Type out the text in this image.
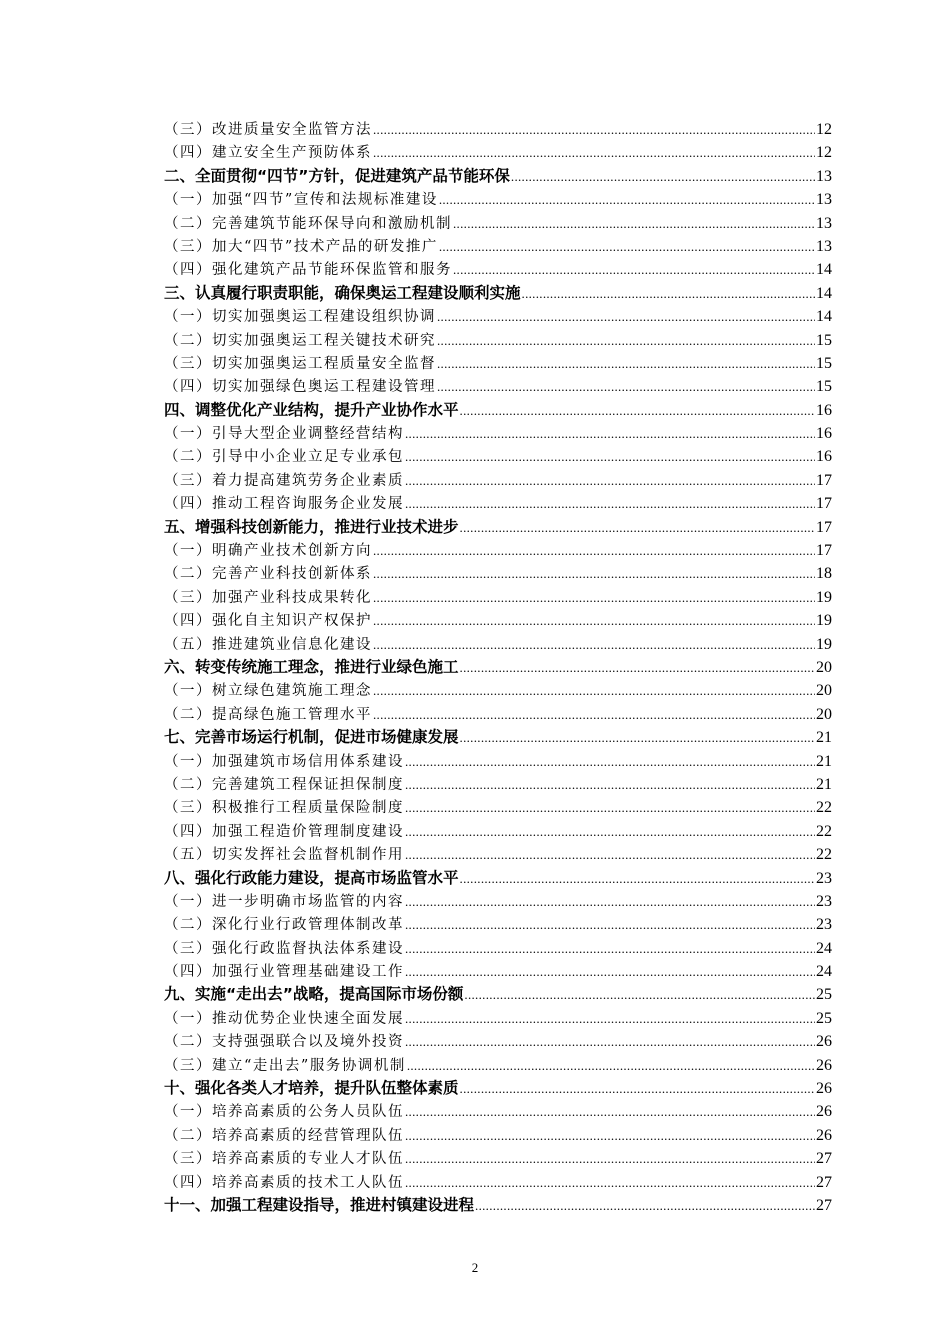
（三）改进质量安全监管方法 .....	12
（四）建立安全生产预防体系 .....	12
二、全面贯彻“四节”方针，促进建筑产品节能环保 .....	13
（一）加强“四节”宣传和法规标准建设 .....	13
（二）完善建筑节能环保导向和激励机制 .....	13
（三）加大“四节”技术产品的研发推广 .....	13
（四）强化建筑产品节能环保监管和服务 .....	14
三、认真履行职责职能，确保奥运工程建设顺利实施 .....	14
（一）切实加强奥运工程建设组织协调 .....	14
（二）切实加强奥运工程关键技术研究 .....	15
（三）切实加强奥运工程质量安全监督 .....	15
（四）切实加强绿色奥运工程建设管理 .....	15
四、调整优化产业结构，提升产业协作水平 .....	16
（一）引导大型企业调整经营结构 .....	16
（二）引导中小企业立足专业承包 .....	16
（三）着力提高建筑劳务企业素质 .....	17
（四）推动工程咨询服务企业发展 .....	17
五、增强科技创新能力，推进行业技术进步 .....	17
（一）明确产业技术创新方向 .....	17
（二）完善产业科技创新体系 .....	18
（三）加强产业科技成果转化 .....	19
（四）强化自主知识产权保护 .....	19
（五）推进建筑业信息化建设 .....	19
六、转变传统施工理念，推进行业绿色施工 .....	20
（一）树立绿色建筑施工理念 .....	20
（二）提高绿色施工管理水平 .....	20
七、完善市场运行机制，促进市场健康发展 .....	21
（一）加强建筑市场信用体系建设 .....	21
（二）完善建筑工程保证担保制度 .....	21
（三）积极推行工程质量保险制度 .....	22
（四）加强工程造价管理制度建设 .....	22
（五）切实发挥社会监督机制作用 .....	22
八、强化行政能力建设，提高市场监管水平 .....	23
（一）进一步明确市场监管的内容 .....	23
（二）深化行业行政管理体制改革 .....	23
（三）强化行政监督执法体系建设 .....	24
（四）加强行业管理基础建设工作 .....	24
九、实施“走出去”战略，提高国际市场份额 .....	25
（一）推动优势企业快速全面发展 .....	25
（二）支持强强联合以及境外投资 .....	26
（三）建立“走出去”服务协调机制 .....	26
十、强化各类人才培养，提升队伍整体素质 .....	26
（一）培养高素质的公务人员队伍 .....	26
（二）培养高素质的经营管理队伍 .....	26
（三）培养高素质的专业人才队伍 .....	27
（四）培养高素质的技术工人队伍 .....	27
十一、加强工程建设指导，推进村镇建设进程 .....	27
2
